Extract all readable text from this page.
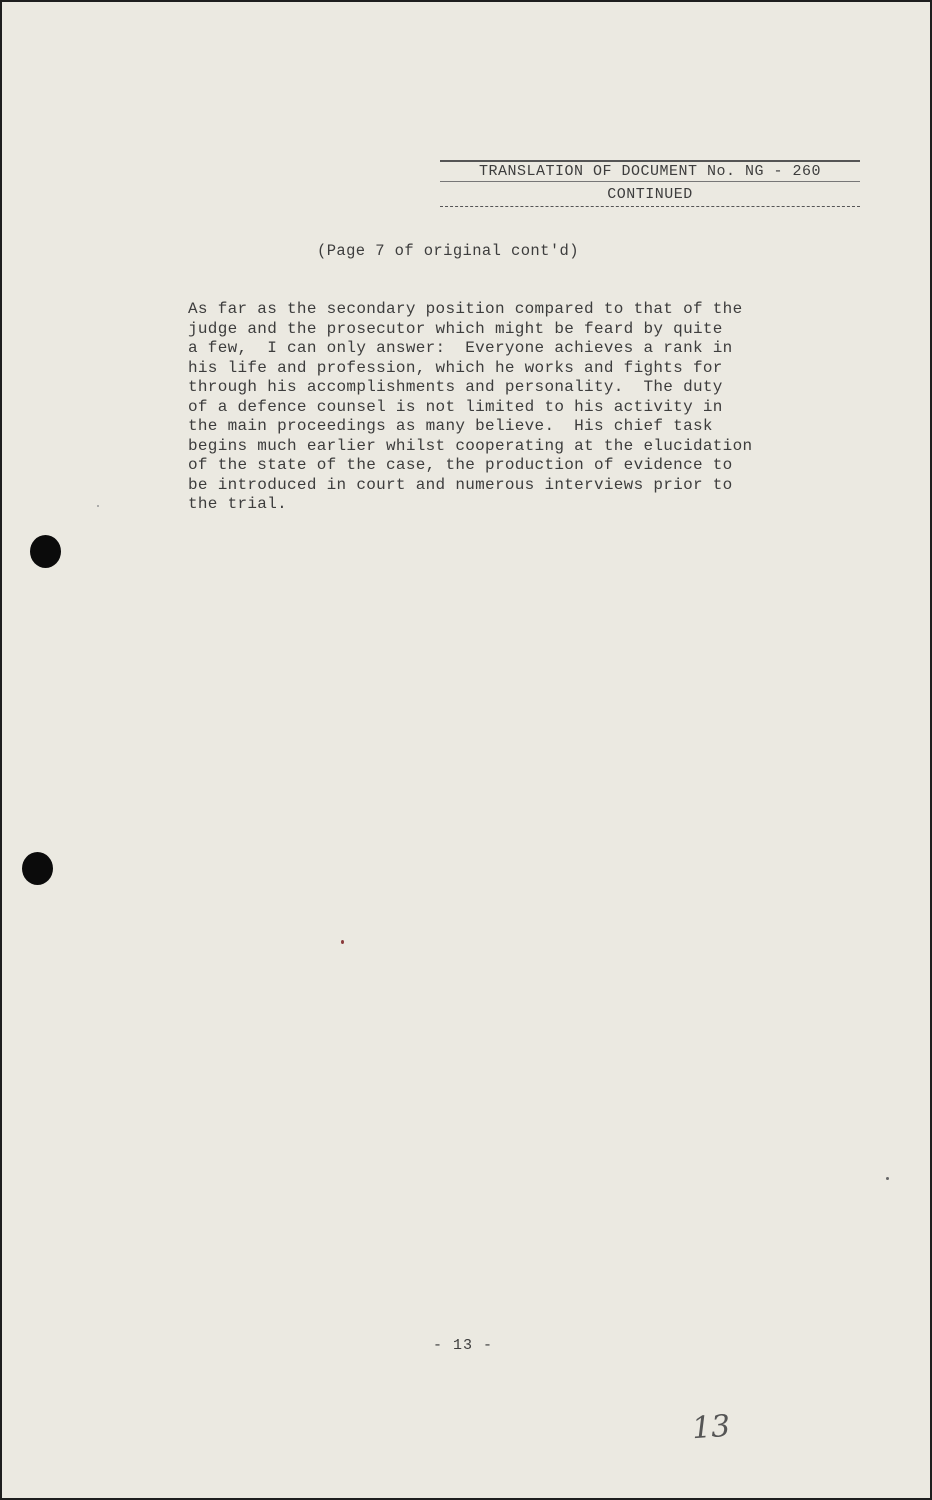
TRANSLATION OF DOCUMENT No. NG - 260
CONTINUED
(Page 7 of original cont'd)
As far as the secondary position compared to that of the
judge and the prosecutor which might be feard by quite
a few,  I can only answer:  Everyone achieves a rank in
his life and profession, which he works and fights for
through his accomplishments and personality.  The duty
of a defence counsel is not limited to his activity in
the main proceedings as many believe.  His chief task
begins much earlier whilst cooperating at the elucidation
of the state of the case, the production of evidence to
be introduced in court and numerous interviews prior to
the trial.
- 13 -
13
